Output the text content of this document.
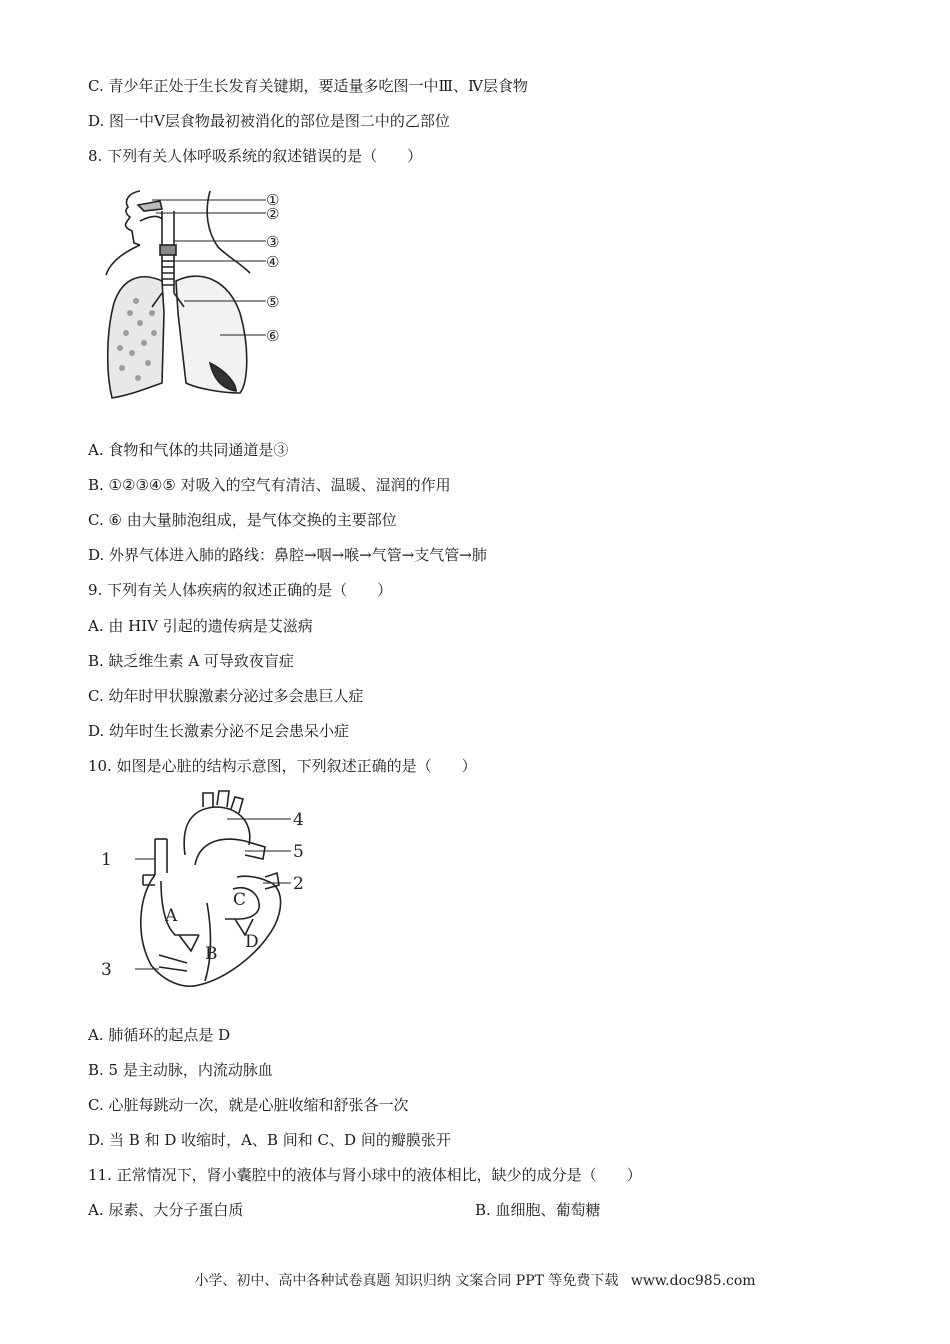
C. 青少年正处于生长发育关键期，要适量多吃图一中Ⅲ、Ⅳ层食物
D. 图一中Ⅴ层食物最初被消化的部位是图二中的乙部位
8. 下列有关人体呼吸系统的叙述错误的是（　　）
①
②
③
④
⑤
⑥
A. 食物和气体的共同通道是③
B. ①②③④⑤ 对吸入的空气有清洁、温暖、湿润的作用
C. ⑥ 由大量肺泡组成，是气体交换的主要部位
D. 外界气体进入肺的路线：鼻腔→咽→喉→气管→支气管→肺
9. 下列有关人体疾病的叙述正确的是（　　）
A. 由 HIV 引起的遗传病是艾滋病
B. 缺乏维生素 A 可导致夜盲症
C. 幼年时甲状腺激素分泌过多会患巨人症
D. 幼年时生长激素分泌不足会患呆小症
10. 如图是心脏的结构示意图，下列叙述正确的是（　　）
4
5
1
2
3
A
B
C
D
A. 肺循环的起点是 D
B. 5 是主动脉，内流动脉血
C. 心脏每跳动一次，就是心脏收缩和舒张各一次
D. 当 B 和 D 收缩时，A、B 间和 C、D 间的瓣膜张开
11. 正常情况下，肾小囊腔中的液体与肾小球中的液体相比，缺少的成分是（　　）
A. 尿素、大分子蛋白质	B. 血细胞、葡萄糖
小学、初中、高中各种试卷真题 知识归纳 文案合同 PPT 等免费下载 www.doc985.com
